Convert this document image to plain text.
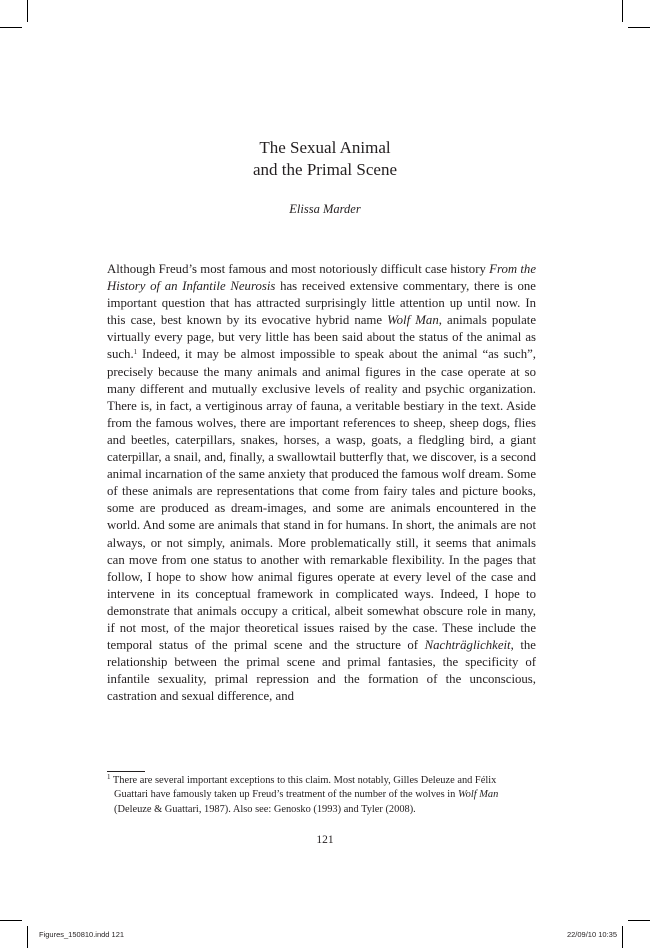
The Sexual Animal
and the Primal Scene
Elissa Marder

Although Freud’s most famous and most notoriously difficult case history From the History of an Infantile Neurosis has received extensive commentary, there is one important question that has attracted surprisingly little attention up until now. In this case, best known by its evocative hybrid name Wolf Man, animals populate virtually every page, but very little has been said about the status of the animal as such.$^1$ Indeed, it may be almost impossible to speak about the animal “as such”, precisely because the many animals and animal figures in the case operate at so many different and mutually exclusive levels of reality and psychic organization. There is, in fact, a vertiginous array of fauna, a veritable bestiary in the text. Aside from the famous wolves, there are important references to sheep, sheep dogs, flies and beetles, caterpillars, snakes, horses, a wasp, goats, a fledgling bird, a giant caterpillar, a snail, and, finally, a swallowtail butterfly that, we discover, is a second animal incarnation of the same anxiety that produced the famous wolf dream. Some of these animals are representations that come from fairy tales and picture books, some are produced as dream-images, and some are animals encountered in the world. And some are animals that stand in for humans. In short, the animals are not always, or not simply, animals. More problematically still, it seems that animals can move from one status to another with remarkable flexibility. In the pages that follow, I hope to show how animal figures operate at every level of the case and intervene in its conceptual framework in complicated ways. Indeed, I hope to demonstrate that animals occupy a critical, albeit somewhat obscure role in many, if not most, of the major theoretical issues raised by the case. These include the temporal status of the primal scene and the structure of Nachträglichkeit, the relationship between the primal scene and primal fantasies, the specificity of infantile sexuality, primal repression and the formation of the unconscious, castration and sexual difference, and

$^1$ There are several important exceptions to this claim. Most notably, Gilles Deleuze and Félix
Guattari have famously taken up Freud’s treatment of the number of the wolves in Wolf Man
(Deleuze & Guattari, 1987). Also see: Genosko (1993) and Tyler (2008).
121
Figures_150810.indd 121	22/09/10 10:35
